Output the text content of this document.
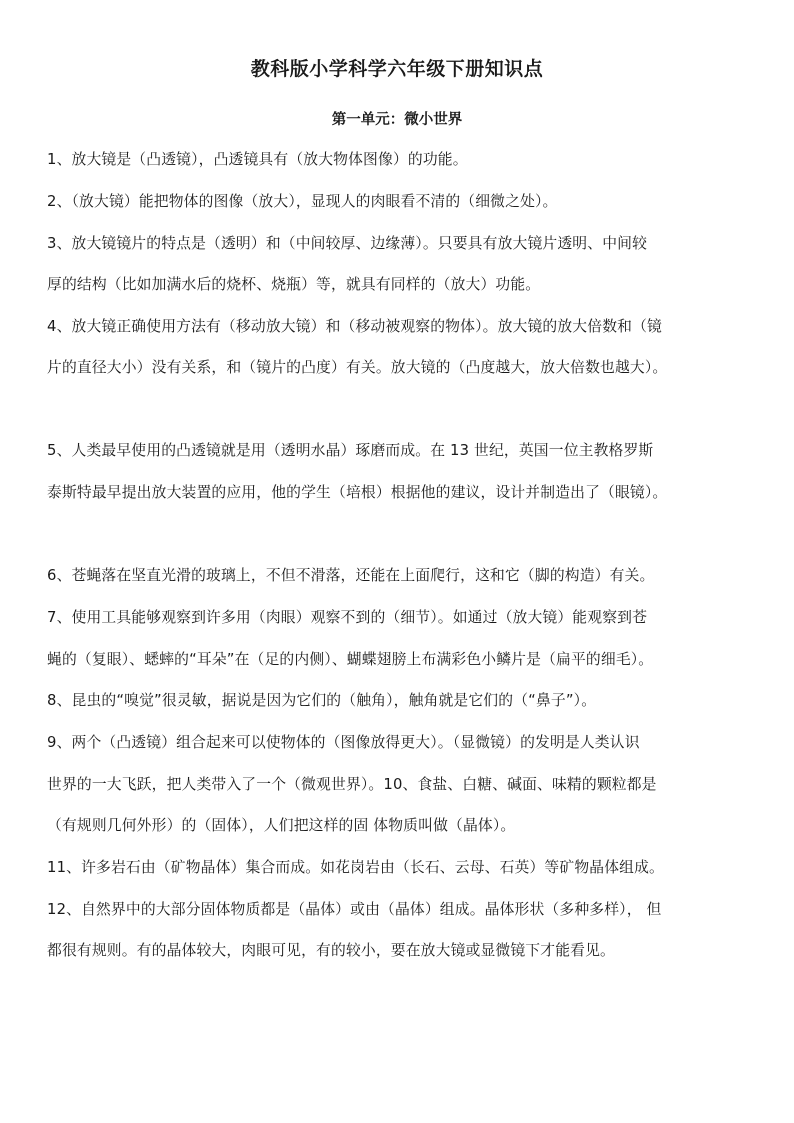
教科版小学科学六年级下册知识点
第一单元：微小世界
1、放大镜是（凸透镜），凸透镜具有（放大物体图像）的功能。
2、（放大镜）能把物体的图像（放大），显现人的肉眼看不清的（细微之处）。
3、放大镜镜片的特点是（透明）和（中间较厚、边缘薄）。只要具有放大镜片透明、中间较
厚的结构（比如加满水后的烧杯、烧瓶）等，就具有同样的（放大）功能。
4、放大镜正确使用方法有（移动放大镜）和（移动被观察的物体）。放大镜的放大倍数和（镜
片的直径大小）没有关系，和（镜片的凸度）有关。放大镜的（凸度越大，放大倍数也越大）。
5、人类最早使用的凸透镜就是用（透明水晶）琢磨而成。在 13 世纪，英国一位主教格罗斯
泰斯特最早提出放大装置的应用，他的学生（培根）根据他的建议，设计并制造出了（眼镜）。
6、苍蝇落在坚直光滑的玻璃上，不但不滑落，还能在上面爬行，这和它（脚的构造）有关。
7、使用工具能够观察到许多用（肉眼）观察不到的（细节）。如通过（放大镜）能观察到苍
蝇的（复眼）、蟋蟀的“耳朵”在（足的内侧）、蝴蝶翅膀上布满彩色小鳞片是（扁平的细毛）。
8、昆虫的“嗅觉”很灵敏，据说是因为它们的（触角），触角就是它们的（“鼻子”）。
9、两个（凸透镜）组合起来可以使物体的（图像放得更大）。（显微镜）的发明是人类认识
世界的一大飞跃，把人类带入了一个（微观世界）。10、食盐、白糖、碱面、味精的颗粒都是
（有规则几何外形）的（固体），人们把这样的固 体物质叫做（晶体）。
11、许多岩石由（矿物晶体）集合而成。如花岗岩由（长石、云母、石英）等矿物晶体组成。
12、自然界中的大部分固体物质都是（晶体）或由（晶体）组成。晶体形状（多种多样）， 但
都很有规则。有的晶体较大，肉眼可见，有的较小，要在放大镜或显微镜下才能看见。
